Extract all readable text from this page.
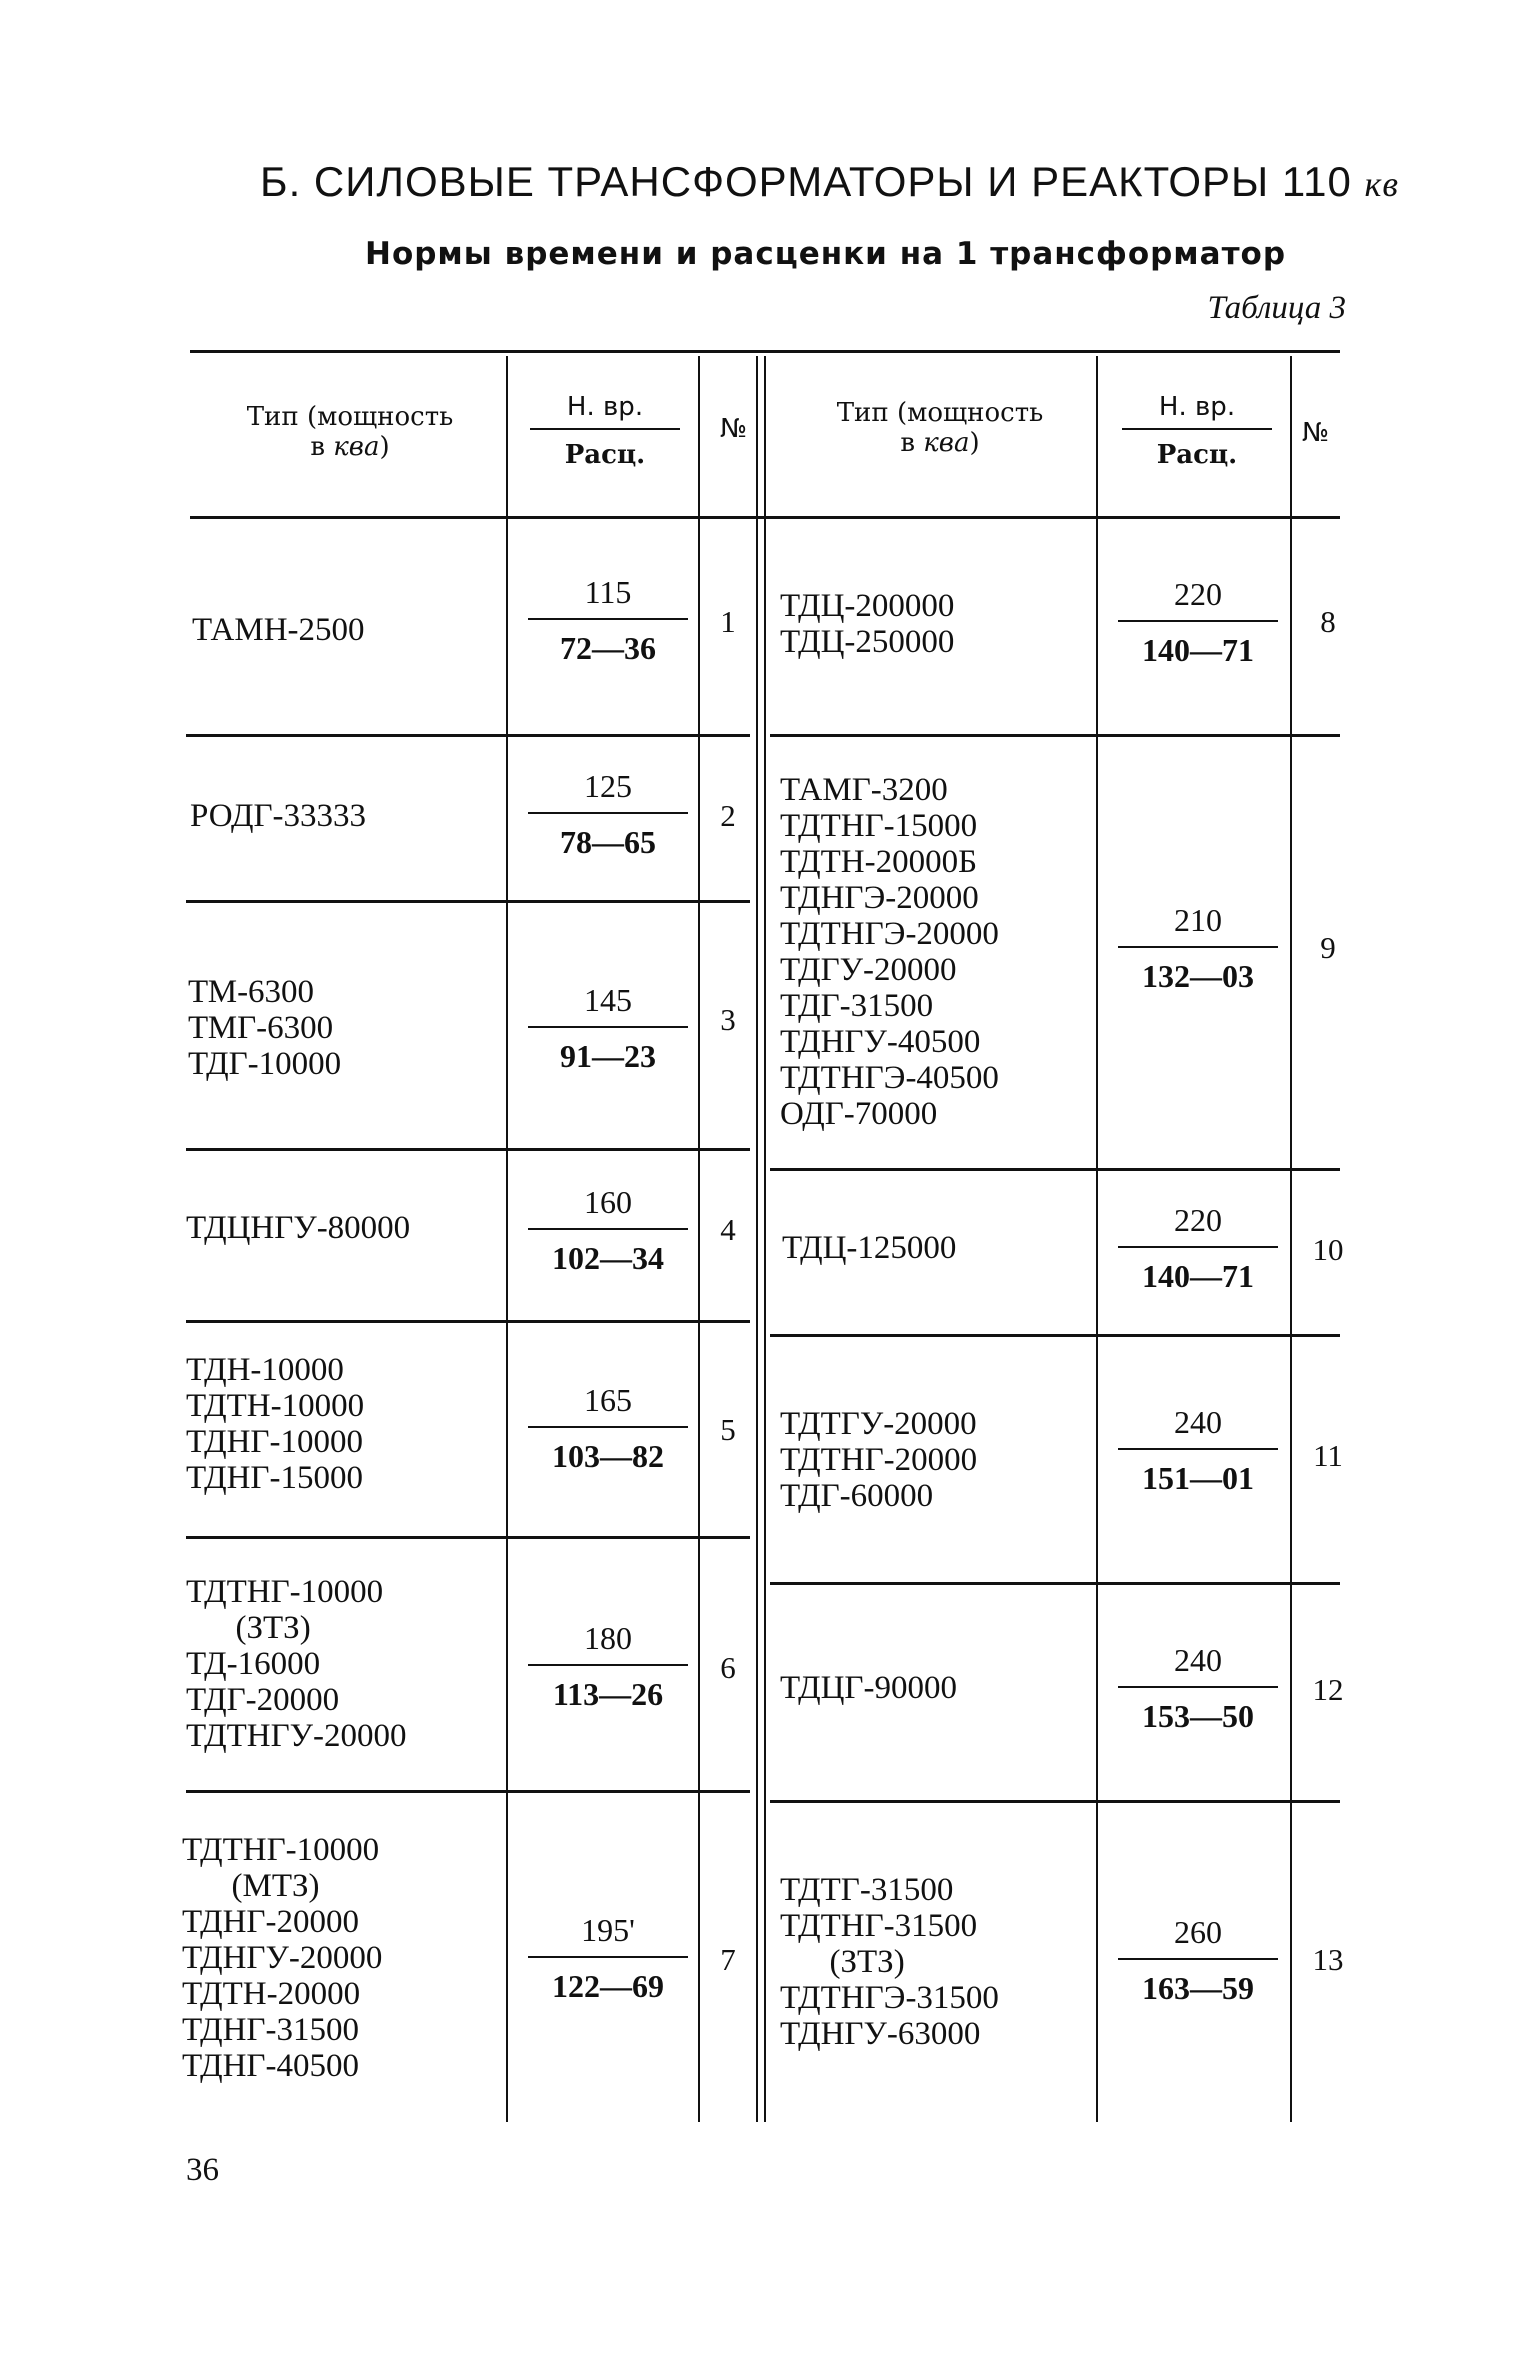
Б. СИЛОВЫЕ ТРАНСФОРМАТОРЫ И РЕАКТОРЫ 110 кв
Нормы времени и расценки на 1 трансформатор
Таблица 3
Тип (мощность
в ква)
Н. вр.
Расц.
№
Тип (мощность
в ква)
Н. вр.
Расц.
№
ТАМН-2500
115
72—36
1
РОДГ-33333
125
78—65
2
ТМ-6300
ТМГ-6300
ТДГ-10000
145
91—23
3
ТДЦНГУ-80000
160
102—34
4
ТДН-10000
ТДТН-10000
ТДНГ-10000
ТДНГ-15000
165
103—82
5
ТДТНГ-10000
(ЗТЗ)
ТД-16000
ТДГ-20000
ТДТНГУ-20000
180
113—26
6
ТДТНГ-10000
(МТЗ)
ТДНГ-20000
ТДНГУ-20000
ТДТН-20000
ТДНГ-31500
ТДНГ-40500
195'
122—69
7
ТДЦ-200000
ТДЦ-250000
220
140—71
8
ТАМГ-3200
ТДТНГ-15000
ТДТН-20000Б
ТДНГЭ-20000
ТДТНГЭ-20000
ТДГУ-20000
ТДГ-31500
ТДНГУ-40500
ТДТНГЭ-40500
ОДГ-70000
210
132—03
9
ТДЦ-125000
220
140—71
10
ТДТГУ-20000
ТДТНГ-20000
ТДГ-60000
240
151—01
11
ТДЦГ-90000
240
153—50
12
ТДТГ-31500
ТДТНГ-31500
(ЗТЗ)
ТДТНГЭ-31500
ТДНГУ-63000
260
163—59
13
36
